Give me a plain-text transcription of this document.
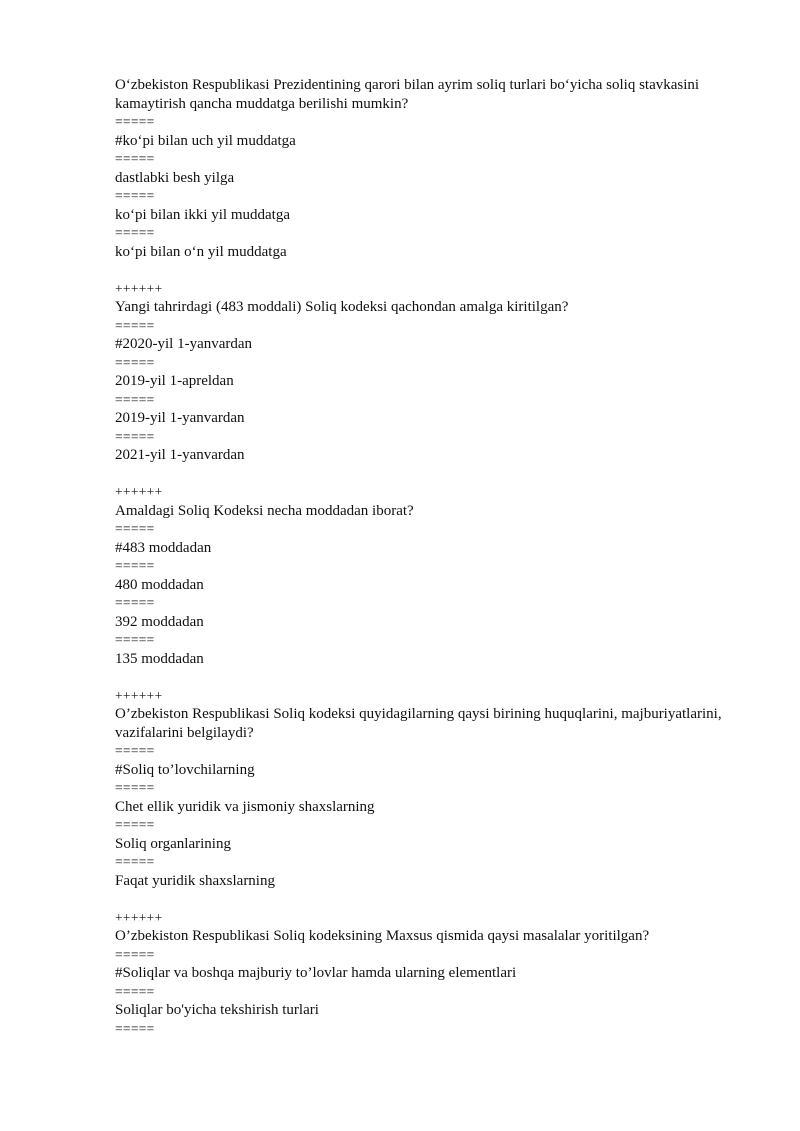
O‘zbekiston Respublikasi Prezidentining qarori bilan ayrim soliq turlari bo‘yicha soliq stavkasini kamaytirish qancha muddatga berilishi mumkin?

=====

#ko‘pi bilan uch yil muddatga

=====

dastlabki besh yilga

=====

ko‘pi bilan ikki yil muddatga

=====

ko‘pi bilan o‘n yil muddatga

++++++

Yangi tahrirdagi (483 moddali) Soliq kodeksi qachondan amalga kiritilgan?

=====

#2020-yil 1-yanvardan

=====

2019-yil 1-apreldan

=====

2019-yil 1-yanvardan

=====

2021-yil 1-yanvardan

++++++

Amaldagi Soliq Kodeksi necha moddadan iborat?

=====

#483 moddadan

=====

480 moddadan

=====

392 moddadan

=====

135 moddadan

++++++

O’zbekiston Respublikasi Soliq kodeksi quyidagilarning qaysi birining huquqlarini, majburiyatlarini, vazifalarini belgilaydi?

=====

#Soliq to’lovchilarning

=====

Chet ellik yuridik va jismoniy shaxslarning

=====

Soliq organlarining

=====

Faqat yuridik shaxslarning

++++++

O’zbekiston Respublikasi Soliq kodeksining Maxsus qismida qaysi masalalar yoritilgan?

=====

#Soliqlar va boshqa majburiy to’lovlar hamda ularning elementlari

=====

Soliqlar bo'yicha tekshirish turlari

=====
